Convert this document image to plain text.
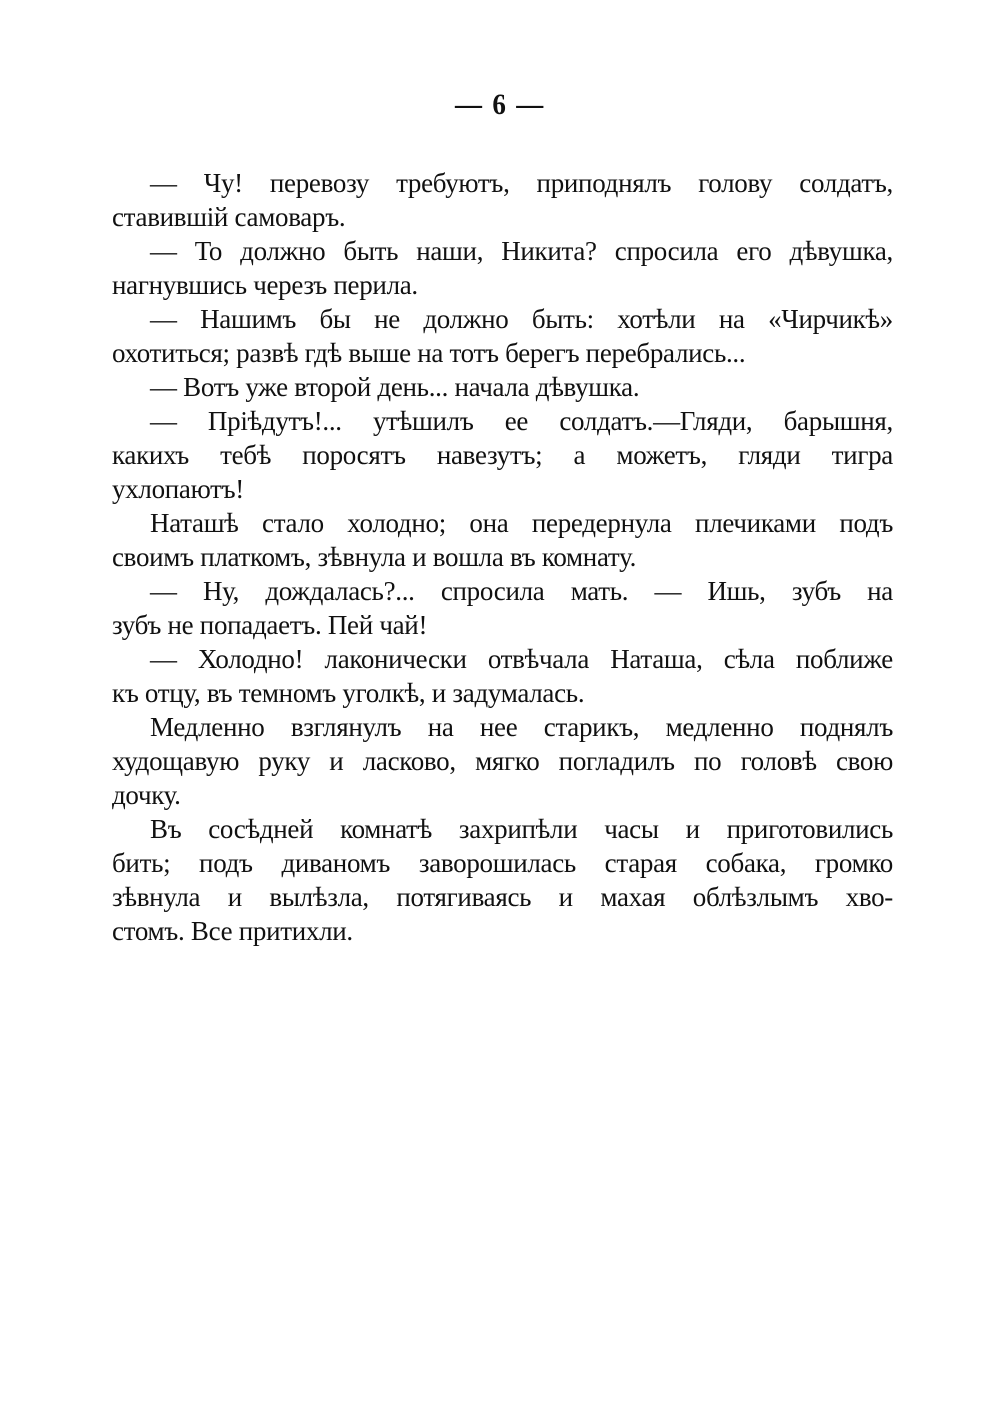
— 6 —
— Чу! перевозу требуютъ, приподнялъ голову солдатъ,
ставившій самоваръ.
— То должно быть наши, Никита? спросила его дѣвушка,
нагнувшись черезъ перила.
— Нашимъ бы не должно быть: хотѣли на «Чирчикѣ»
охотиться; развѣ гдѣ выше на тотъ берегъ перебрались...
— Вотъ уже второй день... начала дѣвушка.
— Пріѣдутъ!... утѣшилъ ее солдатъ.—Гляди, барышня,
какихъ тебѣ поросятъ навезутъ; а можетъ, гляди тигра
ухлопаютъ!
Наташѣ стало холодно; она передернула плечиками подъ
своимъ платкомъ, зѣвнула и вошла въ комнату.
— Ну, дождалась?... спросила мать. — Ишь, зубъ на
зубъ не попадаетъ. Пей чай!
— Холодно! лаконически отвѣчала Наташа, сѣла поближе
къ отцу, въ темномъ уголкѣ, и задумалась.
Медленно взглянулъ на нее старикъ, медленно поднялъ
худощавую руку и ласково, мягко погладилъ по головѣ свою
дочку.
Въ сосѣдней комнатѣ захрипѣли часы и приготовились
бить; подъ диваномъ заворошилась старая собака, громко
зѣвнула и вылѣзла, потягиваясь и махая облѣзлымъ хво-
стомъ. Все притихли.
